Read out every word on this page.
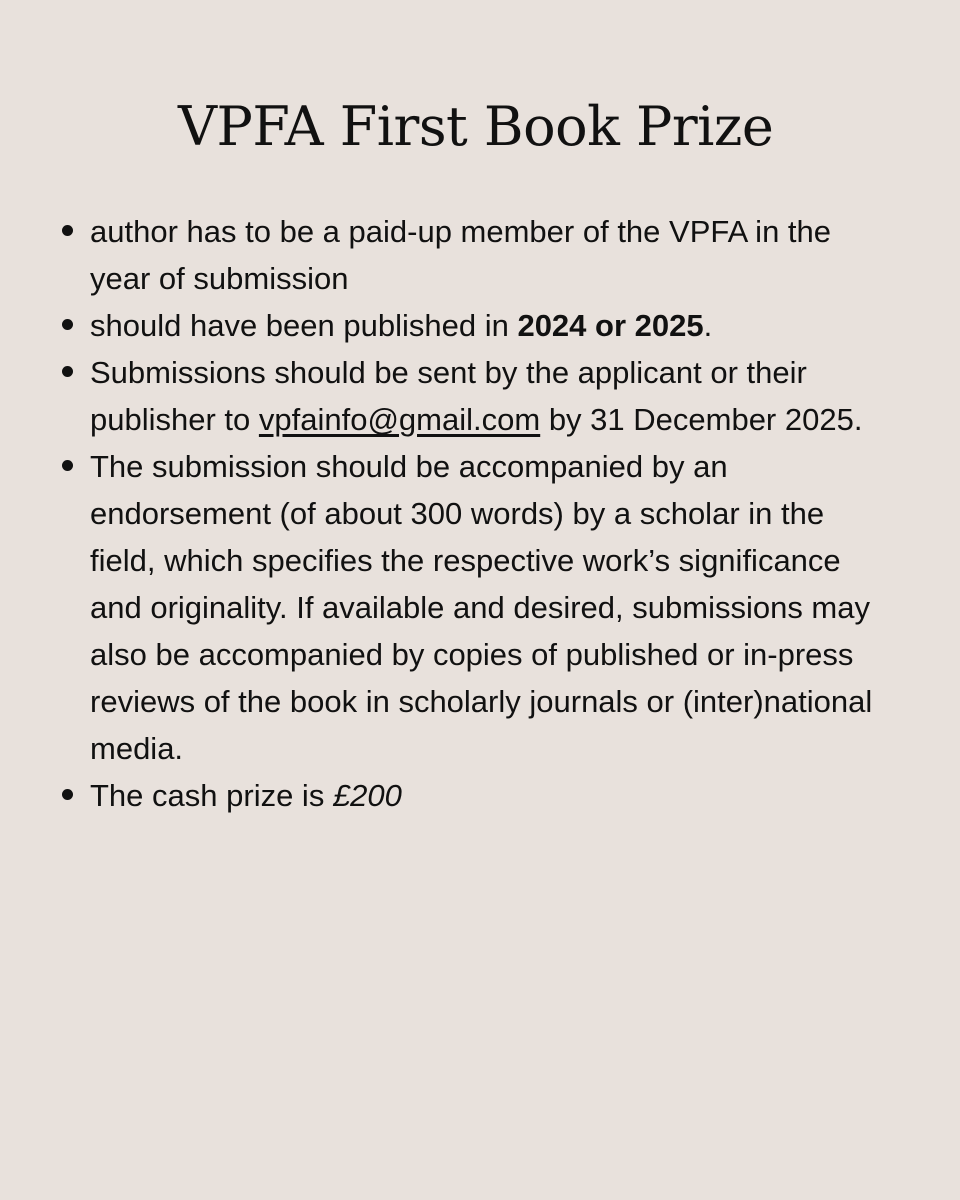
VPFA First Book Prize
author has to be a paid-up member of the VPFA in the year of submission
should have been published in 2024 or 2025.
Submissions should be sent by the applicant or their publisher to vpfainfo@gmail.com by 31 December 2025.
The submission should be accompanied by an endorsement (of about 300 words) by a scholar in the field, which specifies the respective work’s significance and originality. If available and desired, submissions may also be accompanied by copies of published or in-press reviews of the book in scholarly journals or (inter)national media.
The cash prize is £200
